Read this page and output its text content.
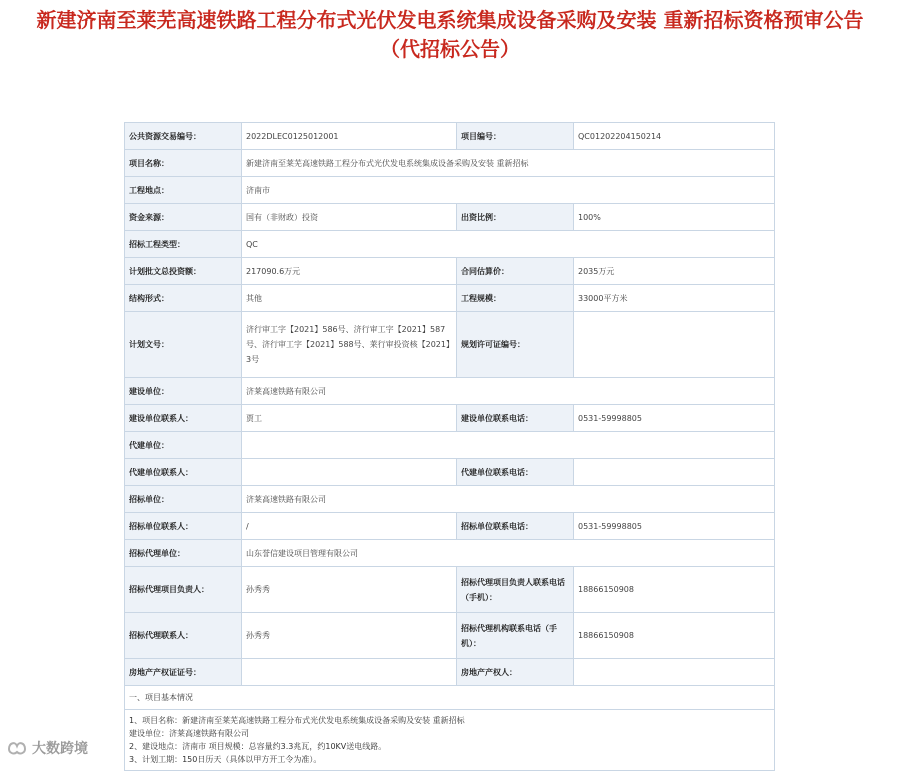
新建济南至莱芜高速铁路工程分布式光伏发电系统集成设备采购及安装 重新招标资格预审公告（代招标公告）
公共资源交易编号：	2022DLEC0125012001	项目编号：	QC01202204150214
项目名称：	新建济南至莱芜高速铁路工程分布式光伏发电系统集成设备采购及安装 重新招标		
工程地点：	济南市		
资金来源：	国有（非财政）投资	出资比例：	100%
招标工程类型：	QC		
计划批文总投资额：	217090.6万元	合同估算价：	2035万元
结构形式：	其他	工程规模：	33000平方米
计划文号：	济行审工字【2021】586号、济行审工字【2021】587号、济行审工字【2021】588号、莱行审投资核【2021】3号	规划许可证编号：	
建设单位：	济莱高速铁路有限公司		
建设单位联系人：	贾工	建设单位联系电话：	0531-59998805
代建单位：			
代建单位联系人：		代建单位联系电话：	
招标单位：	济莱高速铁路有限公司		
招标单位联系人：	/	招标单位联系电话：	0531-59998805
招标代理单位：	山东誉信建设项目管理有限公司		
招标代理项目负责人：	孙秀秀	招标代理项目负责人联系电话（手机）：	18866150908
招标代理联系人：	孙秀秀	招标代理机构联系电话（手机）：	18866150908
房地产产权证证号：		房地产产权人：	
一、项目基本情况			

1、项目名称：新建济南至莱芜高速铁路工程分布式光伏发电系统集成设备采购及安装 重新招标
建设单位：济莱高速铁路有限公司
2、建设地点：济南市 项目规模：总容量约3.3兆瓦，约10KV送电线路。
3、计划工期：150日历天（具体以甲方开工令为准）。			
大数跨境
